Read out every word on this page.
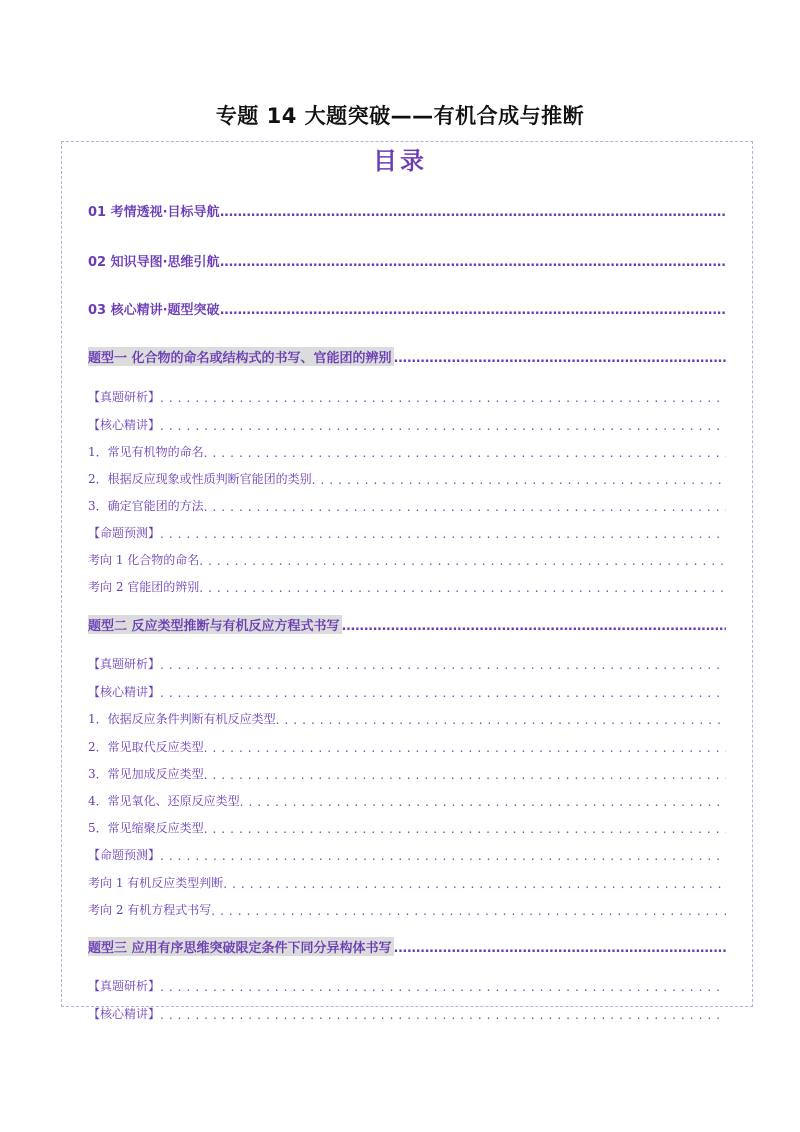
专题 14 大题突破——有机合成与推断
目录
01 考情透视·目标导航
.....
02 知识导图·思维引航
.....
03 核心精讲·题型突破
.....
题型一 化合物的命名或结构式的书写、官能团的辨别
.....
【真题研析】
. . .
【核心精讲】
. . .
1．常见有机物的命名
. . .
2．根据反应现象或性质判断官能团的类别
. . .
3．确定官能团的方法
. . .
【命题预测】
. . .
考向 1 化合物的命名
. . .
考向 2 官能团的辨别
. . .
题型二 反应类型推断与有机反应方程式书写
.....
【真题研析】
. . .
【核心精讲】
. . .
1．依据反应条件判断有机反应类型
. . .
2．常见取代反应类型
. . .
3．常见加成反应类型
. . .
4．常见氧化、还原反应类型
. . .
5．常见缩聚反应类型
. . .
【命题预测】
. . .
考向 1 有机反应类型判断
. . .
考向 2 有机方程式书写
. . .
题型三 应用有序思维突破限定条件下同分异构体书写
.....
【真题研析】
. . .
【核心精讲】
. . .
